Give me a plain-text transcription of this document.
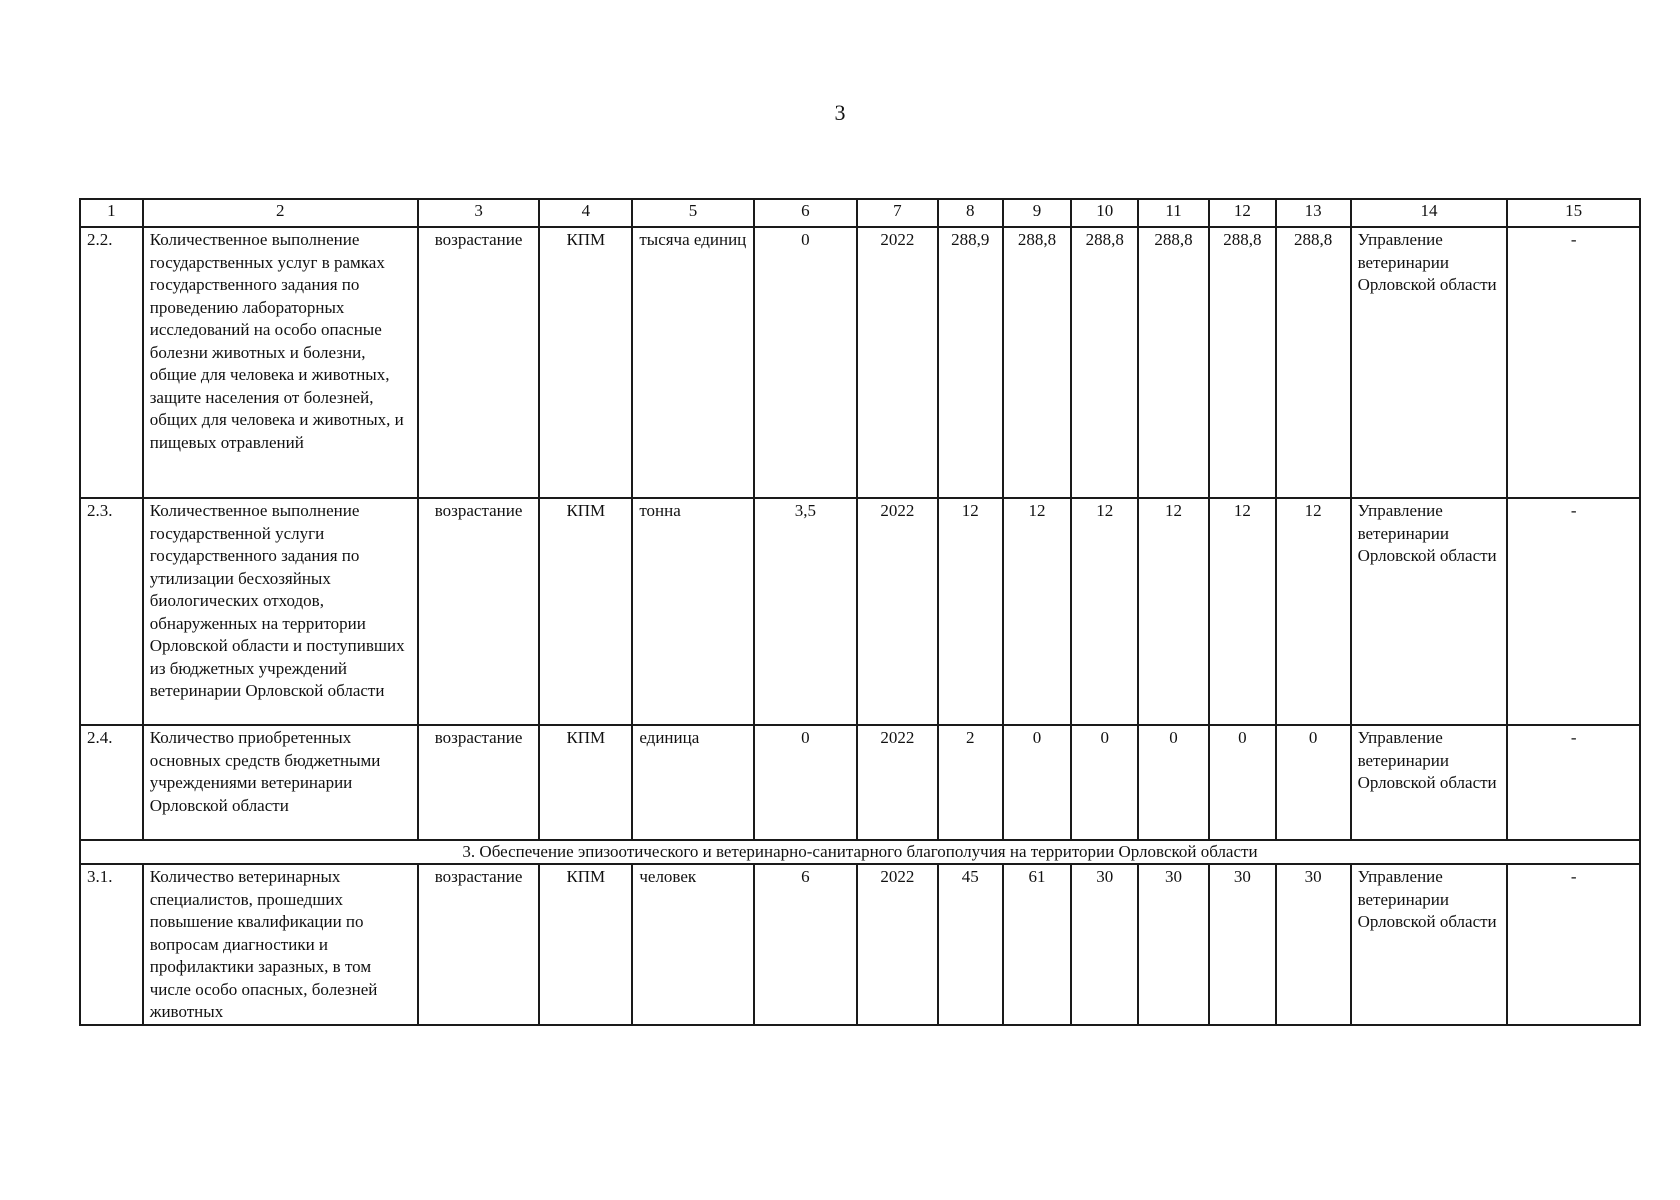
3
1	2	3	4	5	6	7	8	9	10	11	12	13	14	15
2.2.	Количественное выполнение государственных услуг в рамках государственного задания по проведению лабораторных исследований на особо опасные болезни животных и болезни, общие для человека и животных, защите населения от болезней, общих для человека и животных, и пищевых отравлений	возрастание	КПМ	тысяча единиц	0	2022	288,9	288,8	288,8	288,8	288,8	288,8	Управление ветеринарии Орловской области	-
2.3.	Количественное выполнение государственной услуги государственного задания по утилизации бесхозяйных биологических отходов, обнаруженных на территории Орловской области и поступивших из бюджетных учреждений ветеринарии Орловской области	возрастание	КПМ	тонна	3,5	2022	12	12	12	12	12	12	Управление ветеринарии Орловской области	-
2.4.	Количество приобретенных основных средств бюджетными учреждениями ветеринарии Орловской области	возрастание	КПМ	единица	0	2022	2	0	0	0	0	0	Управление ветеринарии Орловской области	-
3. Обеспечение эпизоотического и ветеринарно-санитарного благополучия на территории Орловской области														
3.1.	Количество ветеринарных специалистов, прошедших повышение квалификации по вопросам диагностики и профилактики заразных, в том числе особо опасных, болезней животных	возрастание	КПМ	человек	6	2022	45	61	30	30	30	30	Управление ветеринарии Орловской области	-
